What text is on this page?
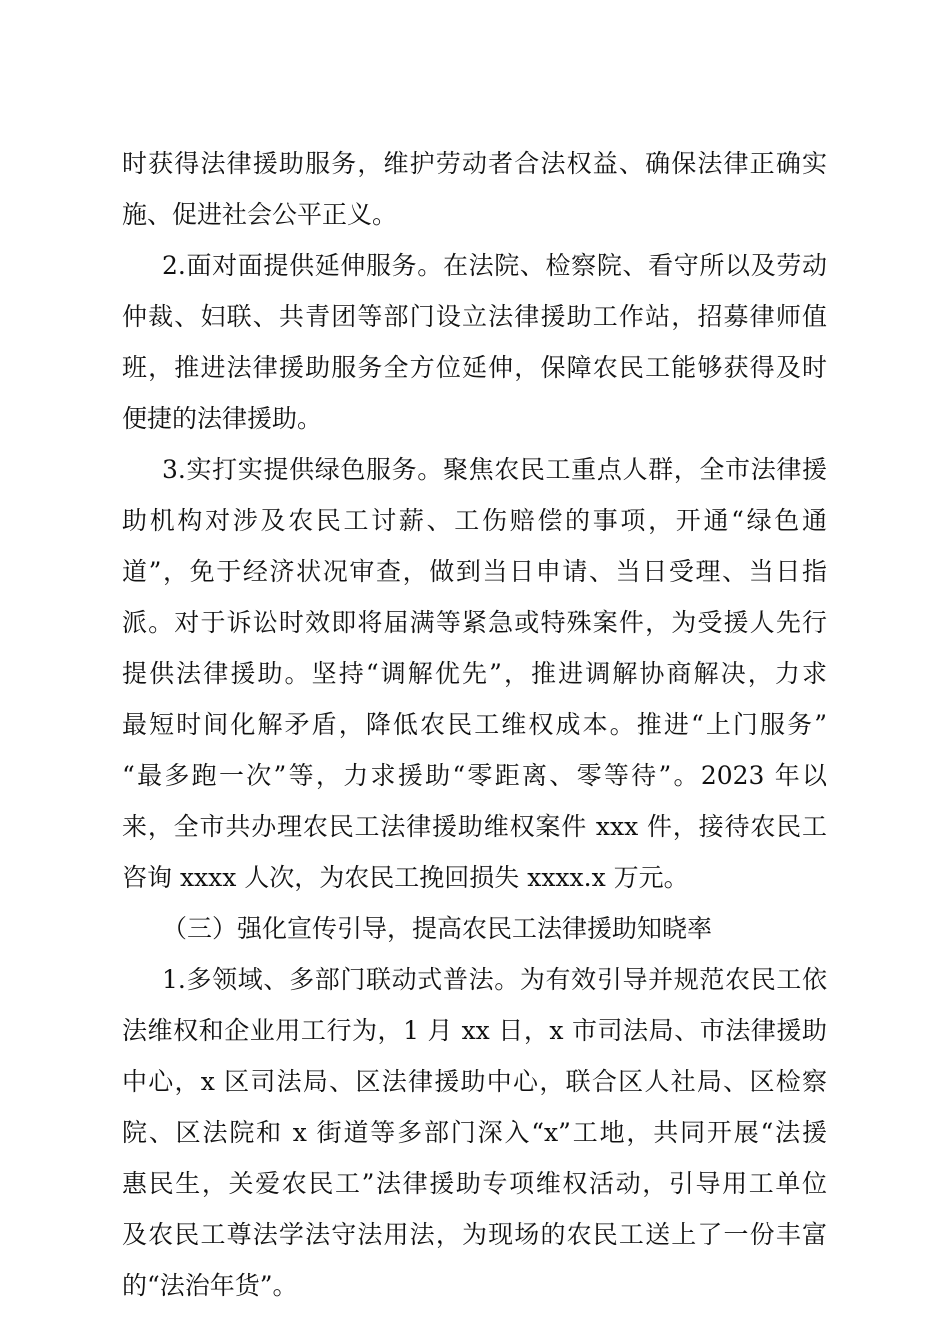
时获得法律援助服务，维护劳动者合法权益、确保法律正确实
施、促进社会公平正义。
2.面对面提供延伸服务。在法院、检察院、看守所以及劳动
仲裁、妇联、共青团等部门设立法律援助工作站，招募律师值
班，推进法律援助服务全方位延伸，保障农民工能够获得及时
便捷的法律援助。
3.实打实提供绿色服务。聚焦农民工重点人群，全市法律援
助机构对涉及农民工讨薪、工伤赔偿的事项，开通“绿色通
道”，免于经济状况审查，做到当日申请、当日受理、当日指
派。对于诉讼时效即将届满等紧急或特殊案件，为受援人先行
提供法律援助。坚持“调解优先”，推进调解协商解决，力求
最短时间化解矛盾，降低农民工维权成本。推进“上门服务”
“最多跑一次”等，力求援助“零距离、零等待”。2023 年以
来，全市共办理农民工法律援助维权案件 xxx 件，接待农民工
咨询 xxxx 人次，为农民工挽回损失 xxxx.x 万元。
（三）强化宣传引导，提高农民工法律援助知晓率
1.多领域、多部门联动式普法。为有效引导并规范农民工依
法维权和企业用工行为，1 月 xx 日，x 市司法局、市法律援助
中心，x 区司法局、区法律援助中心，联合区人社局、区检察
院、区法院和 x 街道等多部门深入“x”工地，共同开展“法援
惠民生，关爱农民工”法律援助专项维权活动，引导用工单位
及农民工尊法学法守法用法，为现场的农民工送上了一份丰富
的“法治年货”。
